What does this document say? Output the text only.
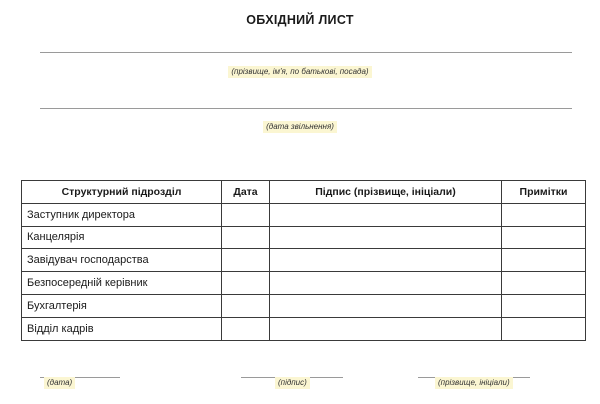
ОБХІДНИЙ ЛИСТ
(прізвище, ім'я, по батькові, посада)
(дата звільнення)
Структурний підрозділ	Дата	Підпис (прізвище, ініціали)	Примітки
Заступник директора			
Канцелярія			
Завідувач господарства			
Безпосередній керівник			
Бухгалтерія			
Відділ кадрів			
(дата)	(підпис)	(прізвище, ініціали)
